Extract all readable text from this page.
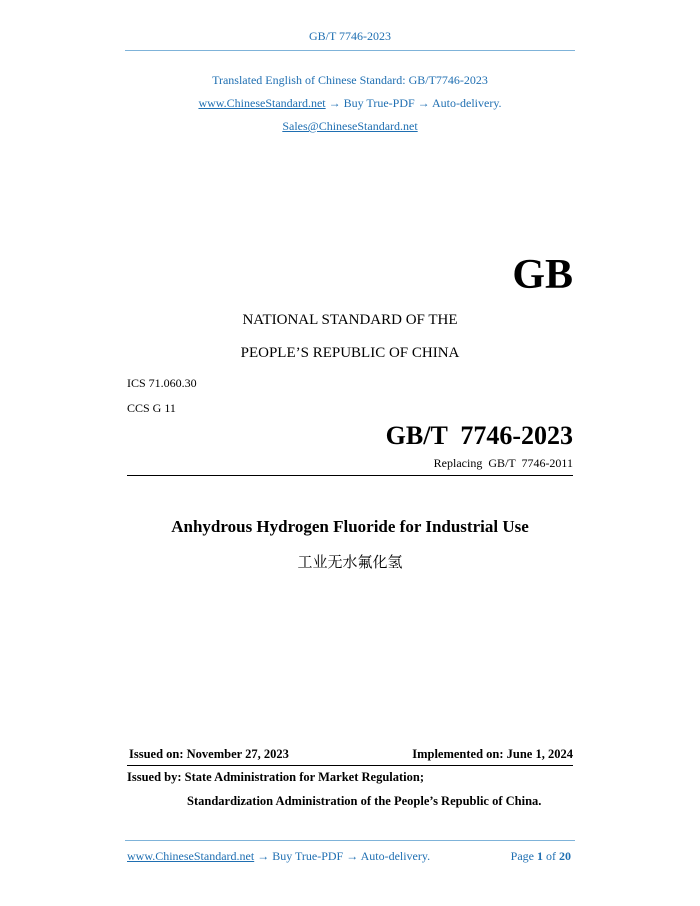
GB/T 7746-2023
Translated English of Chinese Standard: GB/T7746-2023
www.ChineseStandard.net → Buy True-PDF → Auto-delivery.
Sales@ChineseStandard.net
GB
NATIONAL STANDARD OF THE
PEOPLE’S REPUBLIC OF CHINA
ICS 71.060.30
CCS G 11
GB/T  7746-2023
Replacing  GB/T  7746-2011
Anhydrous Hydrogen Fluoride for Industrial Use
工业无水氟化氢
Issued on: November 27, 2023	Implemented on: June 1, 2024
Issued by: State Administration for Market Regulation;
Standardization Administration of the People’s Republic of China.
www.ChineseStandard.net → Buy True-PDF → Auto-delivery.	Page 1 of 20
